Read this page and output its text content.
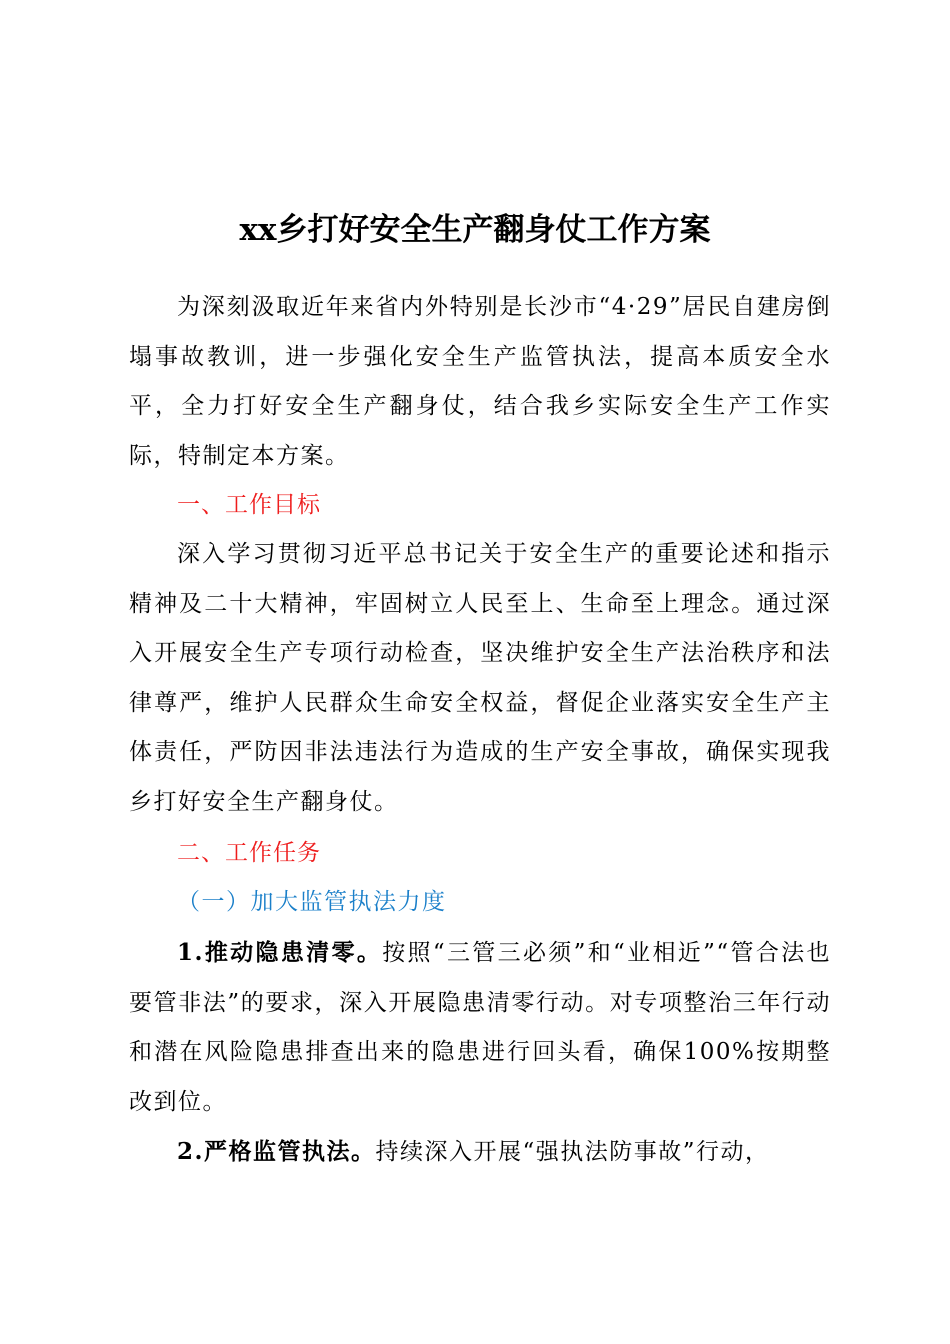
xx乡打好安全生产翻身仗工作方案

为深刻汲取近年来省内外特别是长沙市“4·29”居民自建房倒塌事故教训，进一步强化安全生产监管执法，提高本质安全水平，全力打好安全生产翻身仗，结合我乡实际安全生产工作实际，特制定本方案。

一、工作目标

深入学习贯彻习近平总书记关于安全生产的重要论述和指示精神及二十大精神，牢固树立人民至上、生命至上理念。通过深入开展安全生产专项行动检查，坚决维护安全生产法治秩序和法律尊严，维护人民群众生命安全权益，督促企业落实安全生产主体责任，严防因非法违法行为造成的生产安全事故，确保实现我乡打好安全生产翻身仗。

二、工作任务

（一）加大监管执法力度

1.推动隐患清零。按照“三管三必须”和“业相近”“管合法也要管非法”的要求，深入开展隐患清零行动。对专项整治三年行动和潜在风险隐患排查出来的隐患进行回头看，确保100%按期整改到位。

2.严格监管执法。持续深入开展“强执法防事故”行动，
